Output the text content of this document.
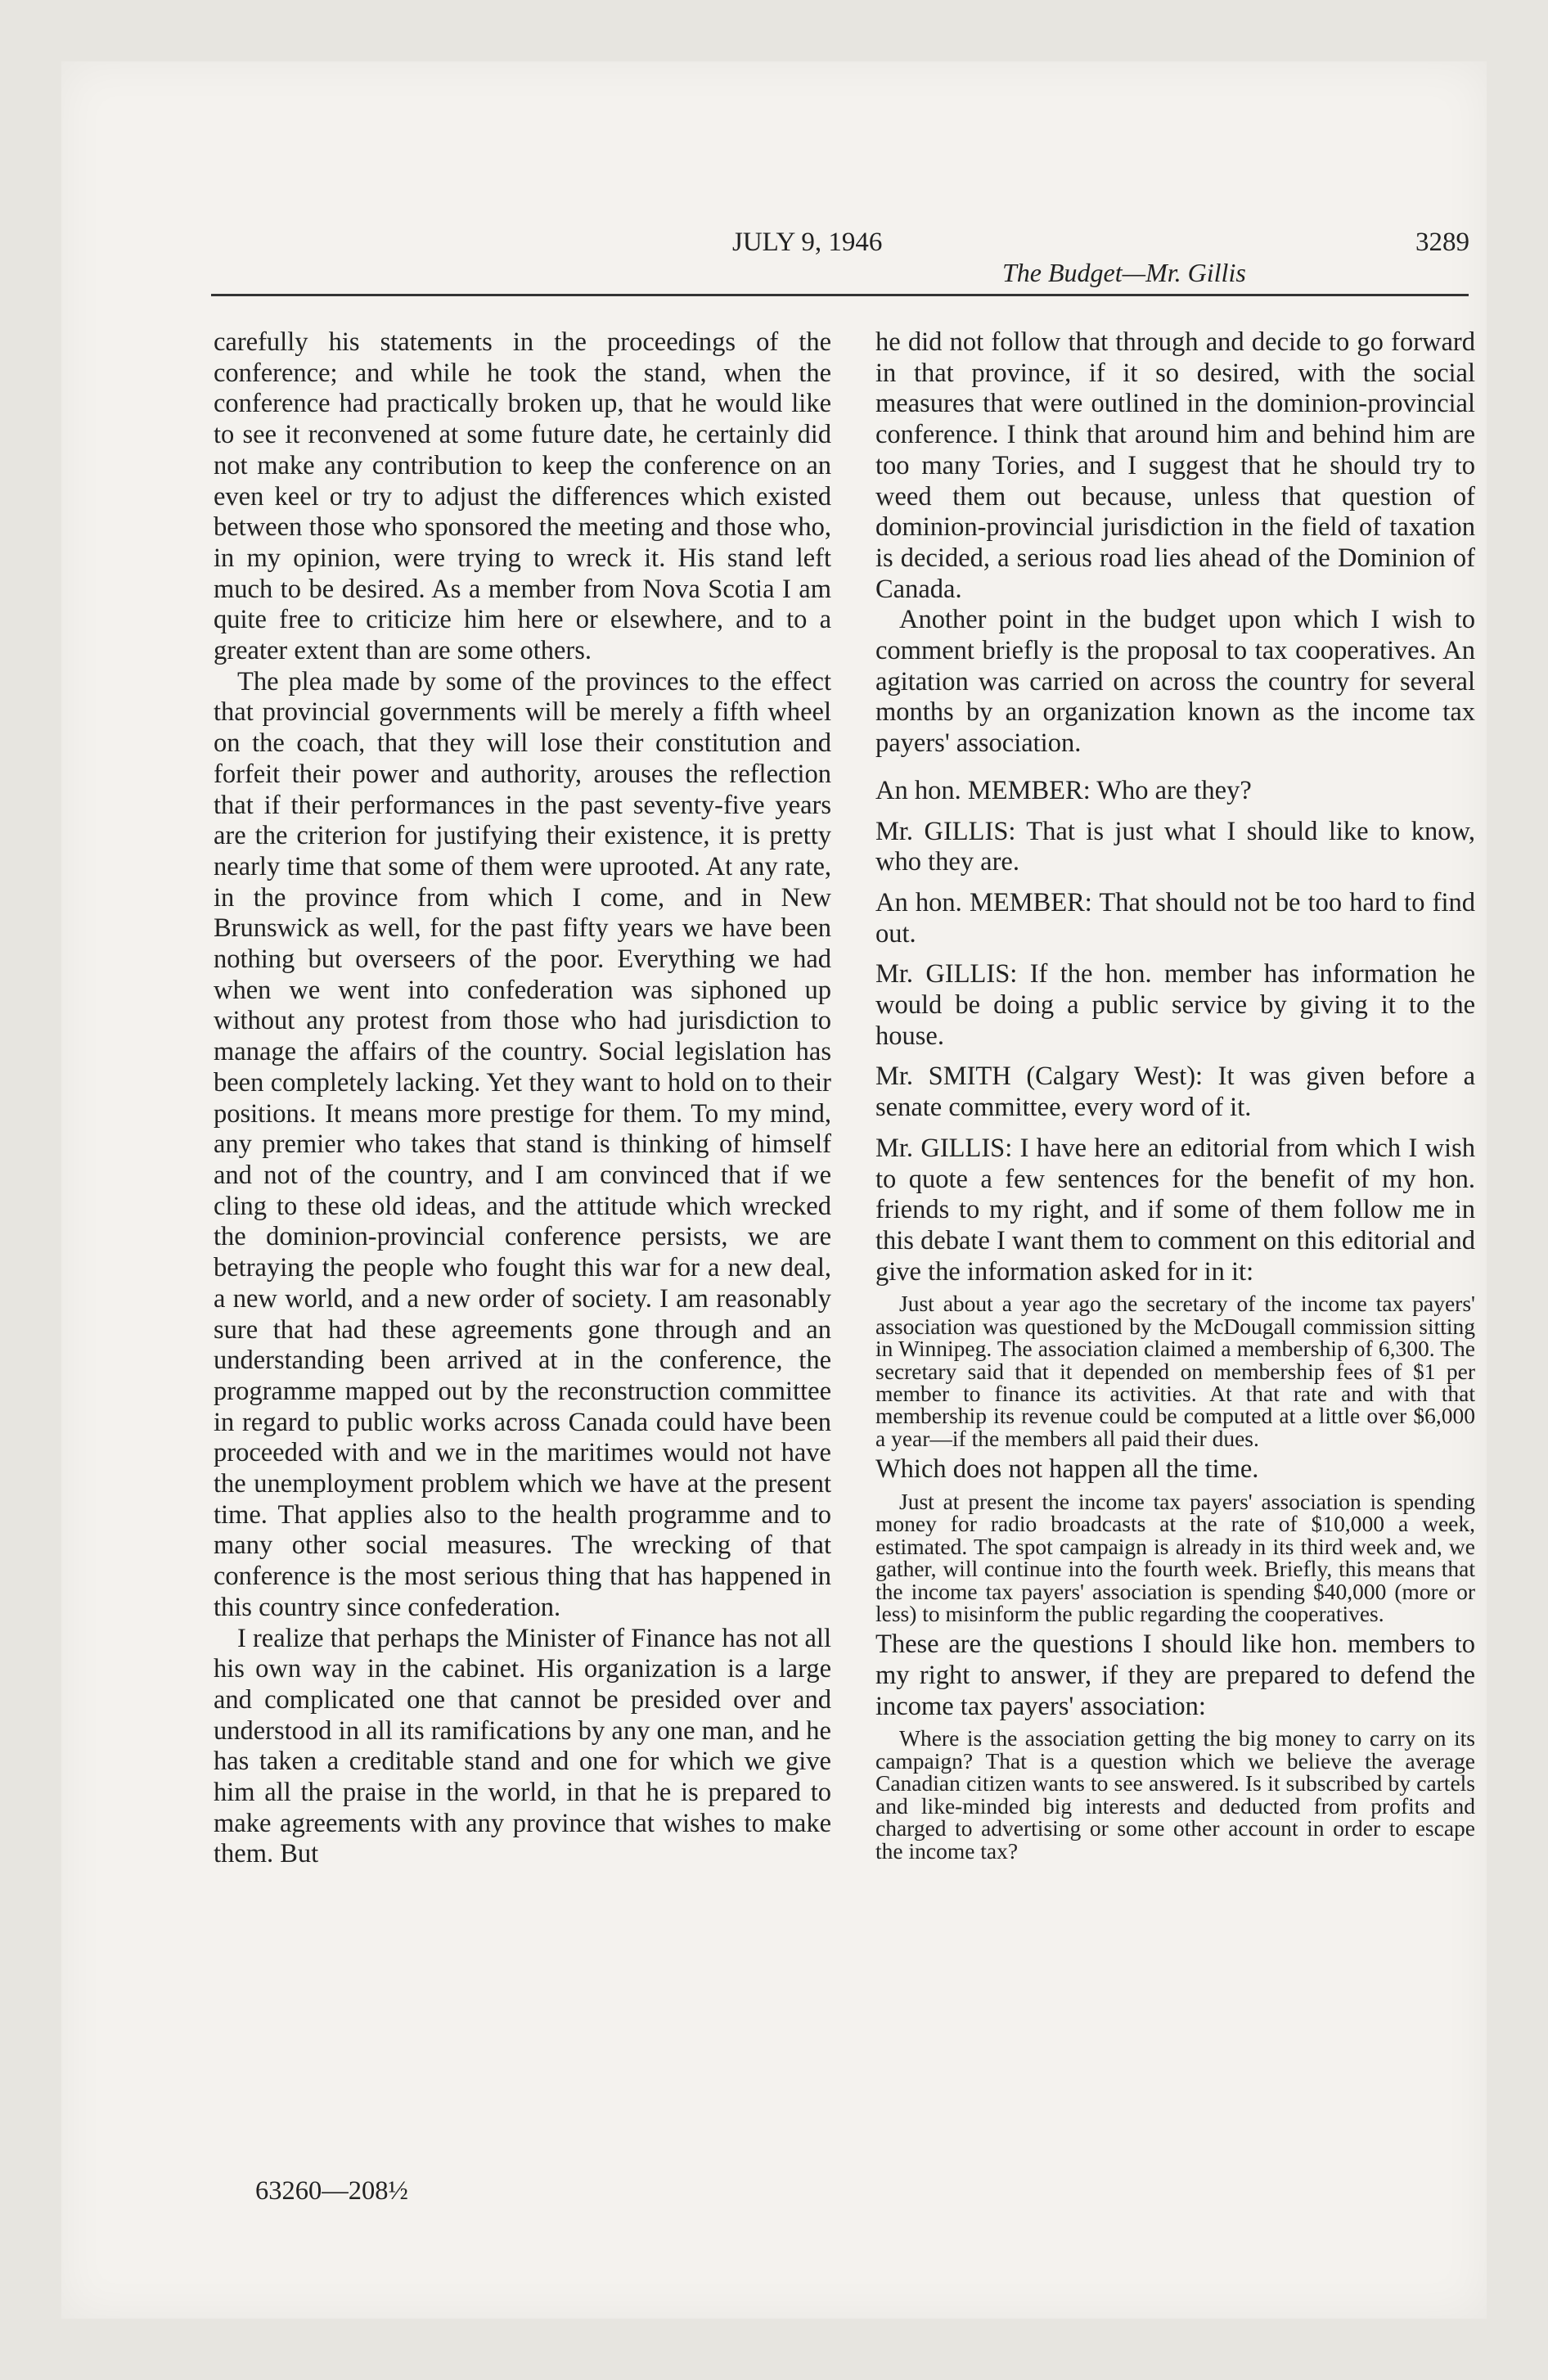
JULY 9, 1946	3289
The Budget—Mr. Gillis

carefully his statements in the proceedings of the conference; and while he took the stand, when the conference had practically broken up, that he would like to see it reconvened at some future date, he certainly did not make any contribution to keep the conference on an even keel or try to adjust the differences which existed between those who sponsored the meeting and those who, in my opinion, were trying to wreck it. His stand left much to be desired. As a member from Nova Scotia I am quite free to criticize him here or elsewhere, and to a greater extent than are some others.

The plea made by some of the provinces to the effect that provincial governments will be merely a fifth wheel on the coach, that they will lose their constitution and forfeit their power and authority, arouses the reflection that if their performances in the past seventy-five years are the criterion for justifying their existence, it is pretty nearly time that some of them were uprooted. At any rate, in the province from which I come, and in New Brunswick as well, for the past fifty years we have been nothing but overseers of the poor. Everything we had when we went into confederation was siphoned up without any protest from those who had jurisdiction to manage the affairs of the country. Social legislation has been completely lacking. Yet they want to hold on to their positions. It means more prestige for them. To my mind, any premier who takes that stand is thinking of himself and not of the country, and I am convinced that if we cling to these old ideas, and the attitude which wrecked the dominion-provincial conference persists, we are betraying the people who fought this war for a new deal, a new world, and a new order of society. I am reasonably sure that had these agreements gone through and an understanding been arrived at in the conference, the programme mapped out by the reconstruction committee in regard to public works across Canada could have been proceeded with and we in the maritimes would not have the unemployment problem which we have at the present time. That applies also to the health programme and to many other social measures. The wrecking of that conference is the most serious thing that has happened in this country since confederation.

I realize that perhaps the Minister of Finance has not all his own way in the cabinet. His organization is a large and complicated one that cannot be presided over and understood in all its ramifications by any one man, and he has taken a creditable stand and one for which we give him all the praise in the world, in that he is prepared to make agreements with any province that wishes to make them. But

he did not follow that through and decide to go forward in that province, if it so desired, with the social measures that were outlined in the dominion-provincial conference. I think that around him and behind him are too many Tories, and I suggest that he should try to weed them out because, unless that question of dominion-provincial jurisdiction in the field of taxation is decided, a serious road lies ahead of the Dominion of Canada.

Another point in the budget upon which I wish to comment briefly is the proposal to tax cooperatives. An agitation was carried on across the country for several months by an organization known as the income tax payers' association.

An hon. MEMBER: Who are they?

Mr. GILLIS: That is just what I should like to know, who they are.

An hon. MEMBER: That should not be too hard to find out.

Mr. GILLIS: If the hon. member has information he would be doing a public service by giving it to the house.

Mr. SMITH (Calgary West): It was given before a senate committee, every word of it.

Mr. GILLIS: I have here an editorial from which I wish to quote a few sentences for the benefit of my hon. friends to my right, and if some of them follow me in this debate I want them to comment on this editorial and give the information asked for in it:

Just about a year ago the secretary of the income tax payers' association was questioned by the McDougall commission sitting in Winnipeg. The association claimed a membership of 6,300. The secretary said that it depended on membership fees of $1 per member to finance its activities. At that rate and with that membership its revenue could be computed at a little over $6,000 a year—if the members all paid their dues.

Which does not happen all the time.

Just at present the income tax payers' association is spending money for radio broadcasts at the rate of $10,000 a week, estimated. The spot campaign is already in its third week and, we gather, will continue into the fourth week. Briefly, this means that the income tax payers' association is spending $40,000 (more or less) to misinform the public regarding the cooperatives.

These are the questions I should like hon. members to my right to answer, if they are prepared to defend the income tax payers' association:

Where is the association getting the big money to carry on its campaign? That is a question which we believe the average Canadian citizen wants to see answered. Is it subscribed by cartels and like-minded big interests and deducted from profits and charged to advertising or some other account in order to escape the income tax?
63260—208½
